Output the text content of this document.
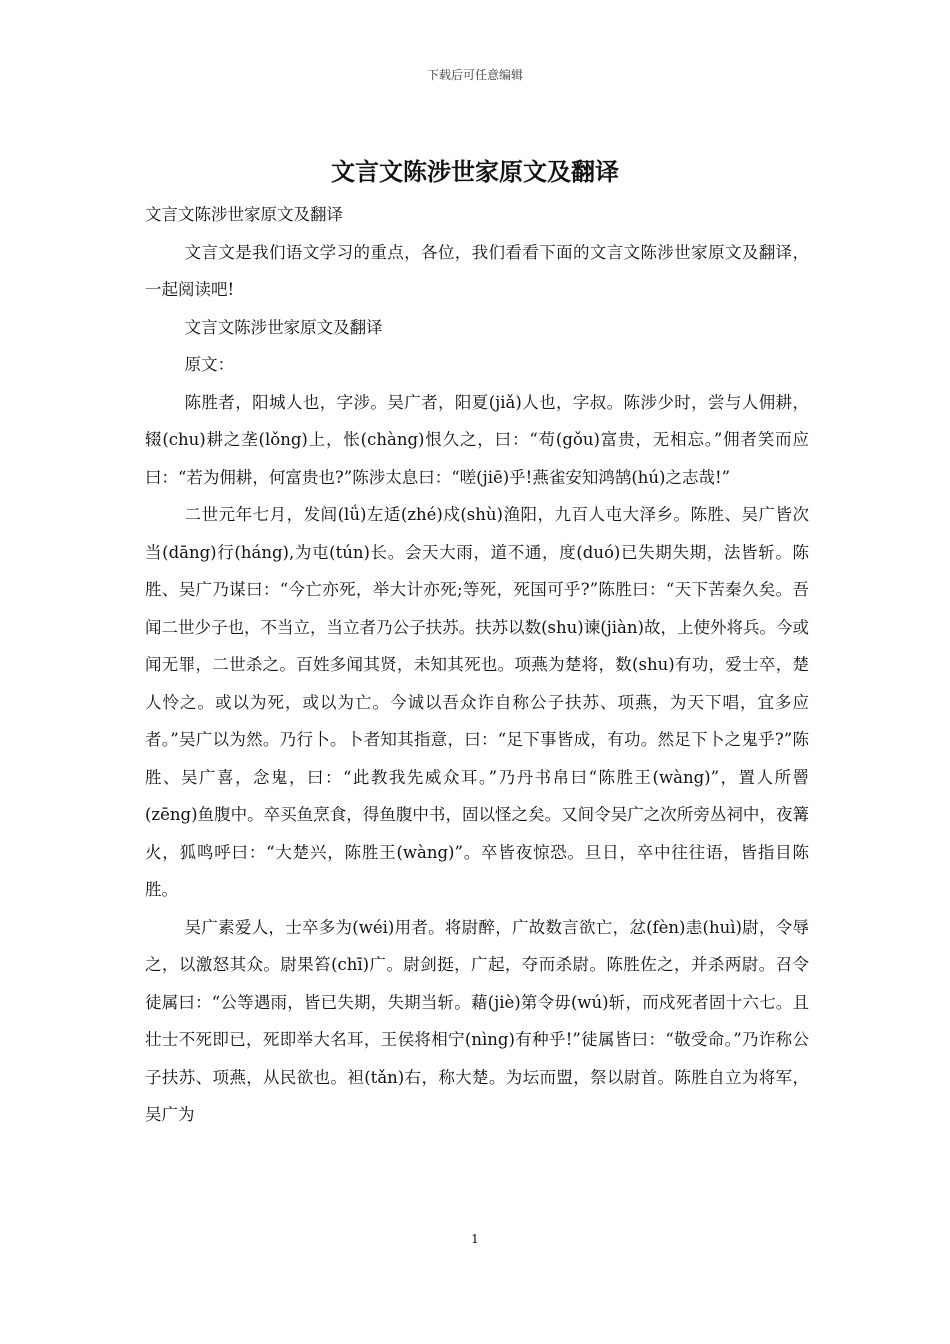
下载后可任意编辑
文言文陈涉世家原文及翻译

文言文陈涉世家原文及翻译

文言文是我们语文学习的重点，各位，我们看看下面的文言文陈涉世家原文及翻译，一起阅读吧!

文言文陈涉世家原文及翻译

原文：

陈胜者，阳城人也，字涉。吴广者，阳夏(jiǎ)人也，字叔。陈涉少时，尝与人佣耕，辍(chu)耕之垄(lǒng)上，怅(chàng)恨久之，曰：“苟(gǒu)富贵，无相忘。”佣者笑而应曰：“若为佣耕，何富贵也?”陈涉太息曰：“嗟(jiē)乎!燕雀安知鸿鹄(hú)之志哉!”

二世元年七月，发闾(lǘ)左适(zhé)戍(shù)渔阳，九百人屯大泽乡。陈胜、吴广皆次当(dāng)行(háng),为屯(tún)长。会天大雨，道不通，度(duó)已失期失期，法皆斩。陈胜、吴广乃谋曰：“今亡亦死，举大计亦死;等死，死国可乎?”陈胜曰：“天下苦秦久矣。吾闻二世少子也，不当立，当立者乃公子扶苏。扶苏以数(shu)谏(jiàn)故，上使外将兵。今或闻无罪，二世杀之。百姓多闻其贤，未知其死也。项燕为楚将，数(shu)有功，爱士卒，楚人怜之。或以为死，或以为亡。今诚以吾众诈自称公子扶苏、项燕，为天下唱，宜多应者。”吴广以为然。乃行卜。卜者知其指意，曰：“足下事皆成，有功。然足下卜之鬼乎?”陈胜、吴广喜，念鬼，曰：“此教我先威众耳。”乃丹书帛曰“陈胜王(wàng)”，置人所罾(zēng)鱼腹中。卒买鱼烹食，得鱼腹中书，固以怪之矣。又间令吴广之次所旁丛祠中，夜篝火，狐鸣呼曰：“大楚兴，陈胜王(wàng)”。卒皆夜惊恐。旦日，卒中往往语，皆指目陈胜。

吴广素爱人，士卒多为(wéi)用者。将尉醉，广故数言欲亡，忿(fèn)恚(huì)尉，令辱之，以激怒其众。尉果笞(chī)广。尉剑挺，广起，夺而杀尉。陈胜佐之，并杀两尉。召令徒属曰：“公等遇雨，皆已失期，失期当斩。藉(jiè)第令毋(wú)斩，而戍死者固十六七。且壮士不死即已，死即举大名耳，王侯将相宁(nìng)有种乎!”徒属皆曰：“敬受命。”乃诈称公子扶苏、项燕，从民欲也。袒(tǎn)右，称大楚。为坛而盟，祭以尉首。陈胜自立为将军，吴广为

1
